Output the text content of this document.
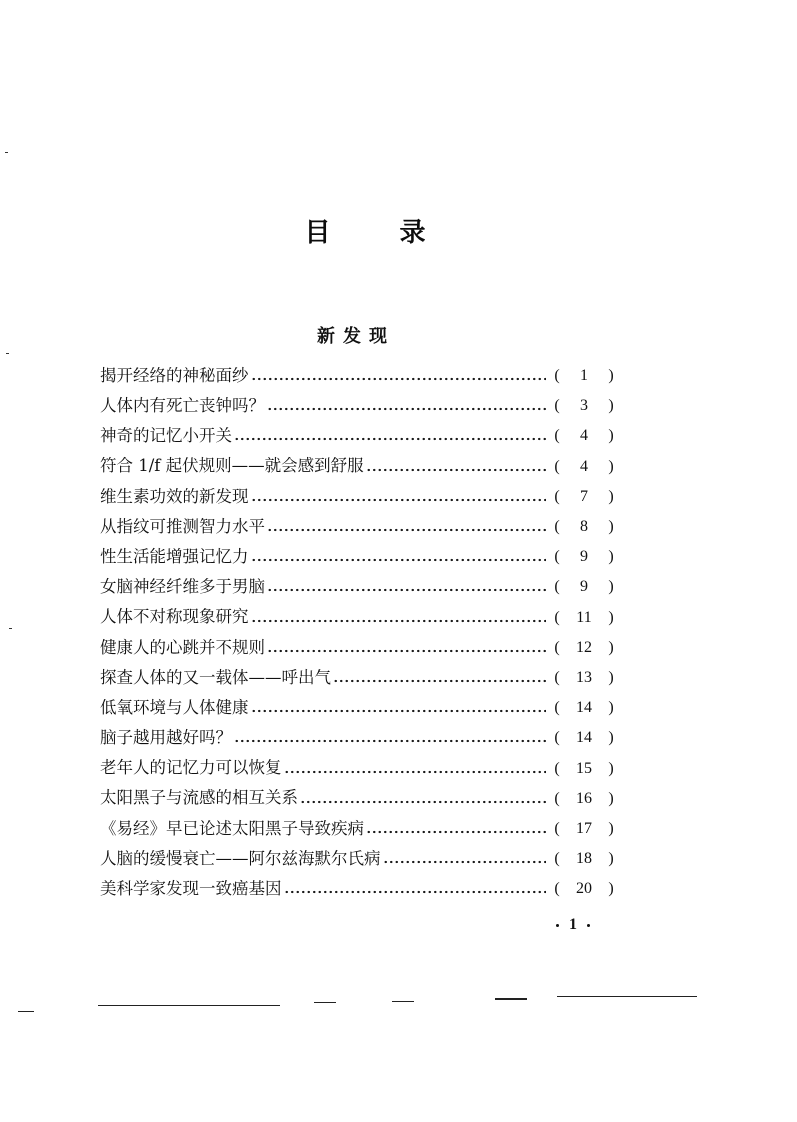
目 录
新发现
揭开经络的神秘面纱	(	1	)
人体内有死亡丧钟吗？	(	3	)
神奇的记忆小开关	(	4	)
符合 1/f 起伏规则——就会感到舒服	(	4	)
维生素功效的新发现	(	7	)
从指纹可推测智力水平	(	8	)
性生活能增强记忆力	(	9	)
女脑神经纤维多于男脑	(	9	)
人体不对称现象研究	(	11	)
健康人的心跳并不规则	(	12	)
探查人体的又一载体——呼出气	(	13	)
低氧环境与人体健康	(	14	)
脑子越用越好吗？	(	14	)
老年人的记忆力可以恢复	(	15	)
太阳黑子与流感的相互关系	(	16	)
《易经》早已论述太阳黑子导致疾病	(	17	)
人脑的缓慢衰亡——阿尔兹海默尔氏病	(	18	)
美科学家发现一致癌基因	(	20	)
1
